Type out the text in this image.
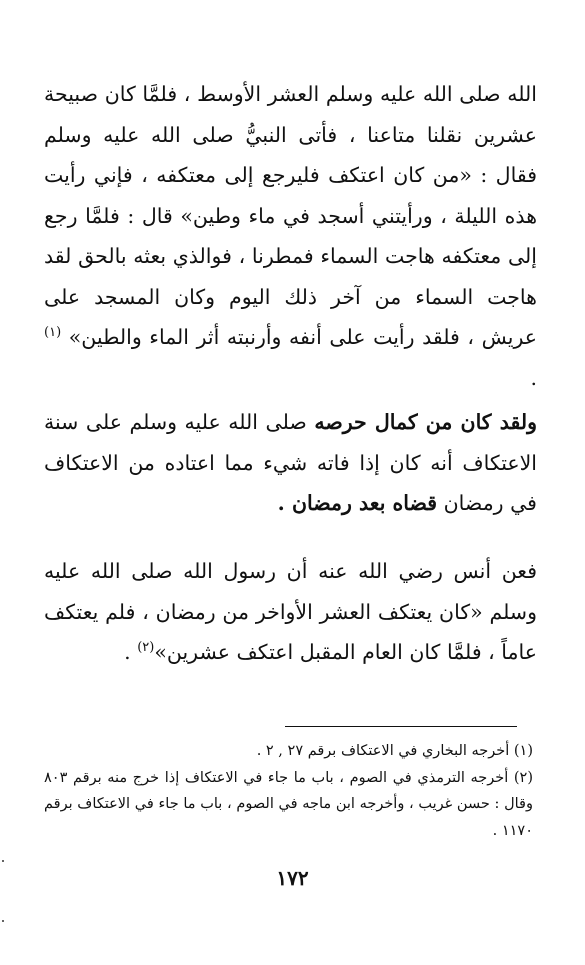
الله صلى الله عليه وسلم العشر الأوسط ، فلمَّا كان صبيحة عشرين نقلنا متاعنا ، فأتى النبيُّ صلى الله عليه وسلم فقال : «من كان اعتكف فليرجع إلى معتكفه ، فإني رأيت هذه الليلة ، ورأيتني أسجد في ماء وطين» قال : فلمَّا رجع إلى معتكفه هاجت السماء فمطرنا ، فوالذي بعثه بالحق لقد هاجت السماء من آخر ذلك اليوم وكان المسجد على عريش ، فلقد رأيت على أنفه وأرنبته أثر الماء والطين» $^{(١)}$ .
ولقد كان من كمال حرصه صلى الله عليه وسلم على سنة الاعتكاف أنه كان إذا فاته شيء مما اعتاده من الاعتكاف في رمضان قضاه بعد رمضان .
فعن أنس رضي الله عنه أن رسول الله صلى الله عليه وسلم «كان يعتكف العشر الأواخر من رمضان ، فلم يعتكف عاماً ، فلمَّا كان العام المقبل اعتكف عشرين»$^{(٢)}$ .

(١) أخرجه البخاري في الاعتكاف برقم ٢٧ , ٢ .

(٢) أخرجه الترمذي في الصوم ، باب ما جاء في الاعتكاف إذا خرج منه برقم ٨٠٣ وقال : حسن غريب ، وأخرجه ابن ماجه في الصوم ، باب ما جاء في الاعتكاف برقم ١١٧٠ .

١٧٢
